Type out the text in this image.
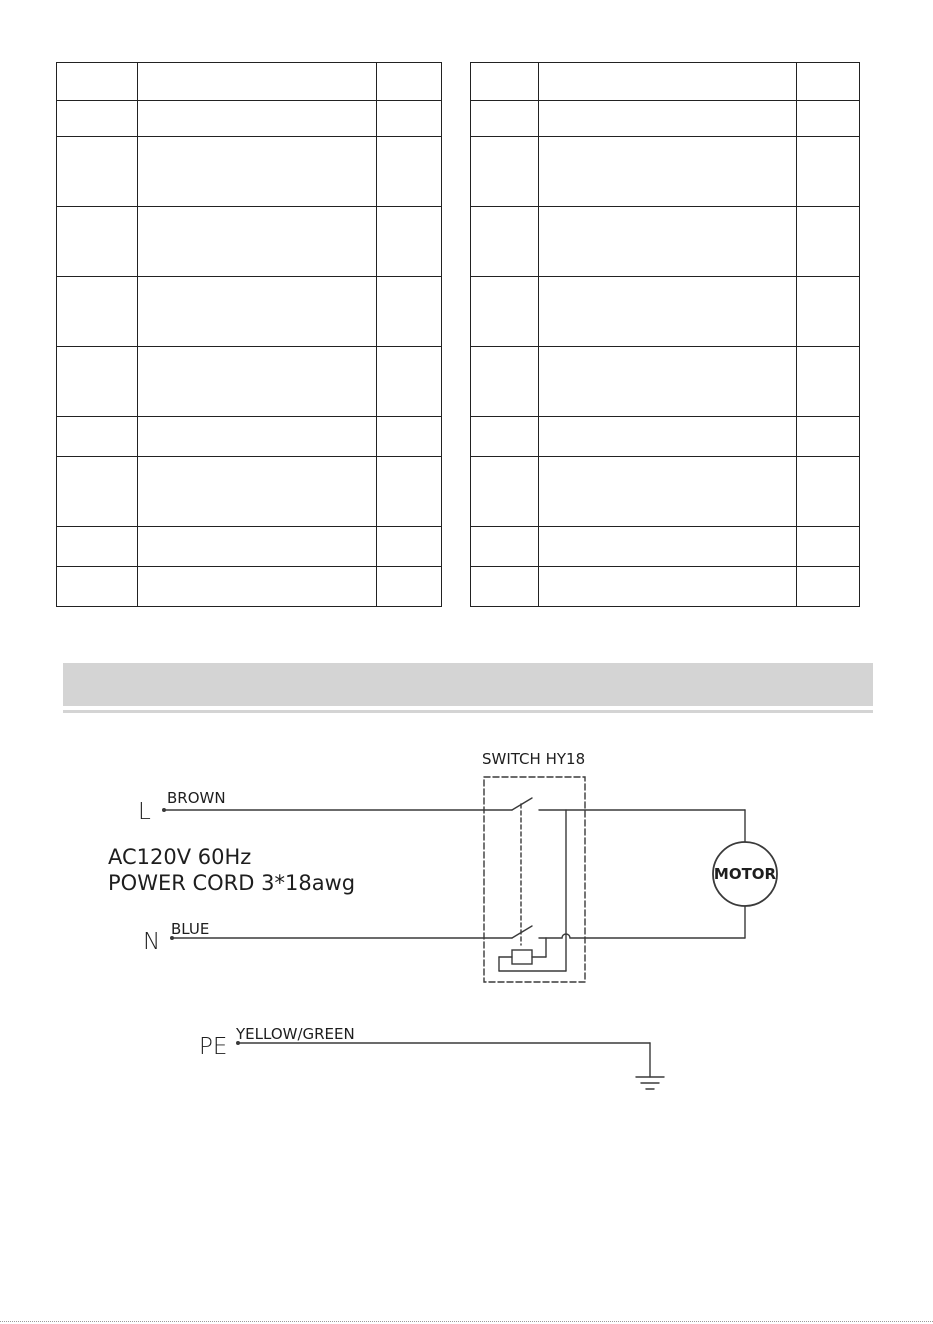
SWITCH HY18
L
BROWN
AC120V 60Hz
POWER CORD 3*18awg
N BLUE
PE YELLOW/GREEN
MOTOR
